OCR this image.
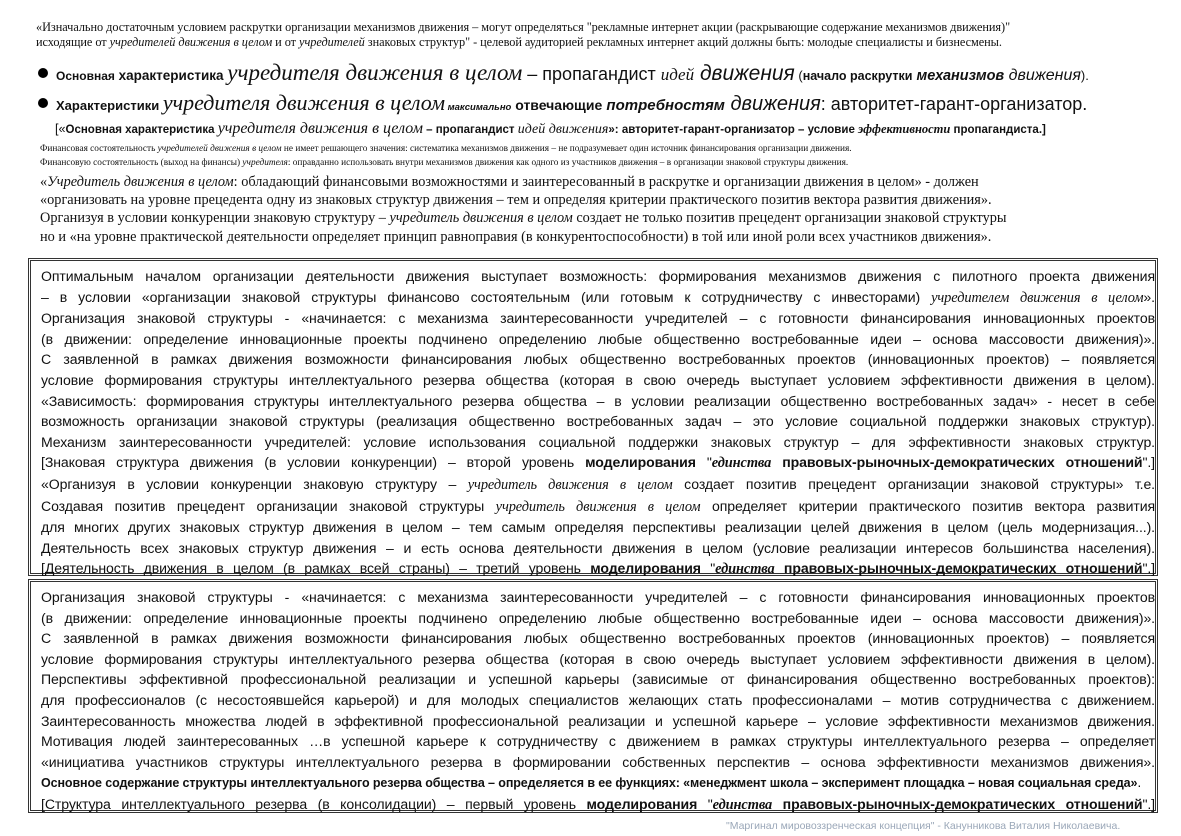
«Изначально достаточным условием раскрутки организации механизмов движения – могут определяться "рекламные интернет акции (раскрывающие содержание механизмов движения)"
исходящие от учредителей движения в целом и от учредителей знаковых структур" - целевой аудиторией рекламных интернет акций должны быть: молодые специалисты и бизнесмены.
Основная характеристика учредителя движения в целом – пропагандист идей движения (начало раскрутки механизмов движения).
Характеристики учредителя движения в целом максимально отвечающие потребностям движения: авторитет-гарант-организатор.
[«Основная характеристика учредителя движения в целом – пропагандист идей движения»: авторитет-гарант-организатор – условие эффективности пропагандиста.]
Финансовая состоятельность учредителей движения в целом не имеет решающего значения: систематика механизмов движения – не подразумевает один источник финансирования организации движения.
Финансовую состоятельность (выход на финансы) учредителя: оправданно использовать внутри механизмов движения как одного из участников движения – в организации знаковой структуры движения.
«Учредитель движения в целом: обладающий финансовыми возможностями и заинтересованный в раскрутке и организации движения в целом» - должен
«организовать на уровне прецедента одну из знаковых структур движения – тем и определяя критерии практического позитив вектора развития движения».
Организуя в условии конкуренции знаковую структуру – учредитель движения в целом создает не только позитив прецедент организации знаковой структуры
но и «на уровне практической деятельности определяет принцип равноправия (в конкурентоспособности) в той или иной роли всех участников движения».
Оптимальным началом организации деятельности движения выступает возможность: формирования механизмов движения с пилотного проекта движения
– в условии «организации знаковой структуры финансово состоятельным (или готовым к сотрудничеству с инвесторами) учредителем движения в целом».
Организация знаковой структуры - «начинается: с механизма заинтересованности учредителей – с готовности финансирования инновационных проектов
(в движении: определение инновационные проекты подчинено определению любые общественно востребованные идеи – основа массовости движения)».
С заявленной в рамках движения возможности финансирования любых общественно востребованных проектов (инновационных проектов) – появляется
условие формирования структуры интеллектуального резерва общества (которая в свою очередь выступает условием эффективности движения в целом).
«Зависимость: формирования структуры интеллектуального резерва общества – в условии реализации общественно востребованных задач» - несет в себе
возможность организации знаковой структуры (реализация общественно востребованных задач – это условие социальной поддержки знаковых структур).
Механизм заинтересованности учредителей: условие использования социальной поддержки знаковых структур – для эффективности знаковых структур.
[Знаковая структура движения (в условии конкуренции) – второй уровень моделирования "единства правовых-рыночных-демократических отношений".]
«Организуя в условии конкуренции знаковую структуру – учредитель движения в целом создает позитив прецедент организации знаковой структуры» т.е.
Создавая позитив прецедент организации знаковой структуры учредитель движения в целом определяет критерии практического позитив вектора развития
для многих других знаковых структур движения в целом – тем самым определяя перспективы реализации целей движения в целом (цель модернизация...).
Деятельность всех знаковых структур движения – и есть основа деятельности движения в целом (условие реализации интересов большинства населения).
[Деятельность движения в целом (в рамках всей страны) – третий уровень моделирования "единства правовых-рыночных-демократических отношений".]
Организация знаковой структуры - «начинается: с механизма заинтересованности учредителей – с готовности финансирования инновационных проектов
(в движении: определение инновационные проекты подчинено определению любые общественно востребованные идеи – основа массовости движения)».
С заявленной в рамках движения возможности финансирования любых общественно востребованных проектов (инновационных проектов) – появляется
условие формирования структуры интеллектуального резерва общества (которая в свою очередь выступает условием эффективности движения в целом).
Перспективы эффективной профессиональной реализации и успешной карьеры (зависимые от финансирования общественно востребованных проектов):
для профессионалов (с несостоявшейся карьерой) и для молодых специалистов желающих стать профессионалами – мотив сотрудничества с движением.
Заинтересованность множества людей в эффективной профессиональной реализации и успешной карьере – условие эффективности механизмов движения.
Мотивация людей заинтересованных …в успешной карьере к сотрудничеству с движением в рамках структуры интеллектуального резерва – определяет
«инициатива участников структуры интеллектуального резерва в формировании собственных перспектив – основа эффективности механизмов движения».
Основное содержание структуры интеллектуального резерва общества – определяется в ее функциях: «менеджмент школа – эксперимент площадка – новая социальная среда».
[Структура интеллектуального резерва (в консолидации) – первый уровень моделирования "единства правовых-рыночных-демократических отношений".]
"Маргинал мировоззренческая концепция" - Канунникова Виталия Николаевича.
